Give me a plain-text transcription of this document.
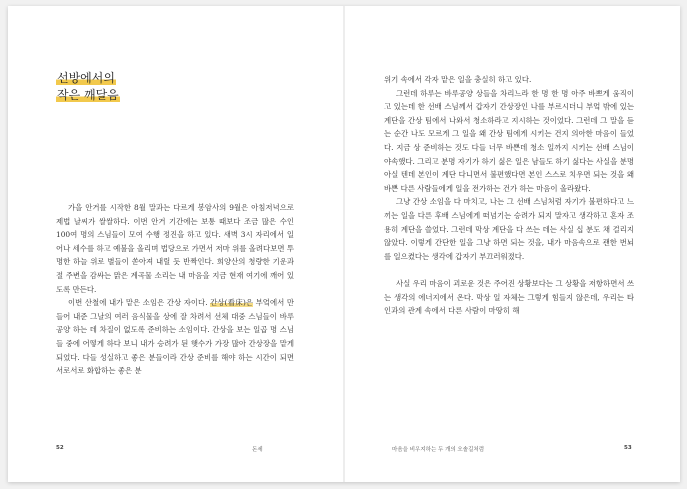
선방에서의
작은 깨달음
가을 안거를 시작한 8월 말과는 다르게 봉암사의 9월은 아침저녁으로 제법 날씨가 쌀쌀하다. 이번 안거 기간에는 보통 때보다 조금 많은 수인 100여 명의 스님들이 모여 수행 정진을 하고 있다. 새벽 3시 자리에서 일어나 세수를 하고 예불을 올리며 법당으로 가면서 저마 위를 올려다보면 투명한 하늘 위로 별들이 쏟아져 내릴 듯 반짝인다. 희양산의 청량한 기운과 절 주변을 감싸는 맑은 계곡물 소리는 내 마음을 지금 현재 여기에 깨어 있도록 만든다.
이번 산철에 내가 맡은 소임은 간상 자이다. 간상(看床)은 부엌에서 만들어 내준 그날의 여러 음식물을 상에 잘 차려서 선체 대중 스님들이 바루공양 하는 데 차질이 없도록 준비하는 소임이다. 간상을 보는 일곱 명 스님들 중에 어떻게 하다 보니 내가 승려가 된 햇수가 가장 많아 간상장을 맡게 되었다. 다들 성실하고 좋은 분들이라 간상 준비를 해야 하는 시간이 되면 서로서로 화합하는 좋은 분
52	돈세
위기 속에서 각자 맡은 일을 충실히 하고 있다.
그런데 하루는 바루공양 상들을 차리느라 한 명 한 명 아주 바쁘게 움직이고 있는데 한 선배 스님께서 갑자기 간상장인 나를 부르시더니 부엌 밖에 있는 계단을 간상 팀에서 나와서 청소하라고 지시하는 것이었다. 그런데 그 말을 듣는 순간 나도 모르게 그 일을 왜 간상 팀에게 시키는 건지 의아한 마음이 들었다. 지금 상 준비하는 것도 다들 너무 바쁜데 청소 일까지 시키는 선배 스님이 야속했다. 그리고 분명 자기가 하기 싫은 일은 남들도 하기 싫다는 사실을 분명 아실 텐데 본인이 계단 다니면서 불편했다면 본인 스스로 치우면 되는 것을 왜 바쁜 다른 사람들에게 일을 전가하는 건가 하는 마음이 올라왔다.
그냥 간상 소임을 다 마치고, 나는 그 선배 스님처럼 자기가 불편하다고 느끼는 일을 다른 후배 스님에게 떠넘기는 승려가 되지 말자고 생각하고 혼자 조용히 계단을 쓸었다. 그런데 막상 계단을 다 쓰는 데는 사실 십 분도 채 걸리지 않았다. 이렇게 간단한 일을 그냥 하면 되는 것을, 내가 마음속으로 괜한 번뇌를 일으켰다는 생각에 갑자기 부끄러워졌다.
사실 우리 마음이 괴로운 것은 주어진 상황보다는 그 상황을 저항하면서 쓰는 생각의 에너지에서 온다. 막상 일 자체는 그렇게 힘들지 않은데, 우리는 타인과의 관계 속에서 다른 사람이 마땅히 해
마음을 비우지하는 두 개의 오솔길처럼	53
